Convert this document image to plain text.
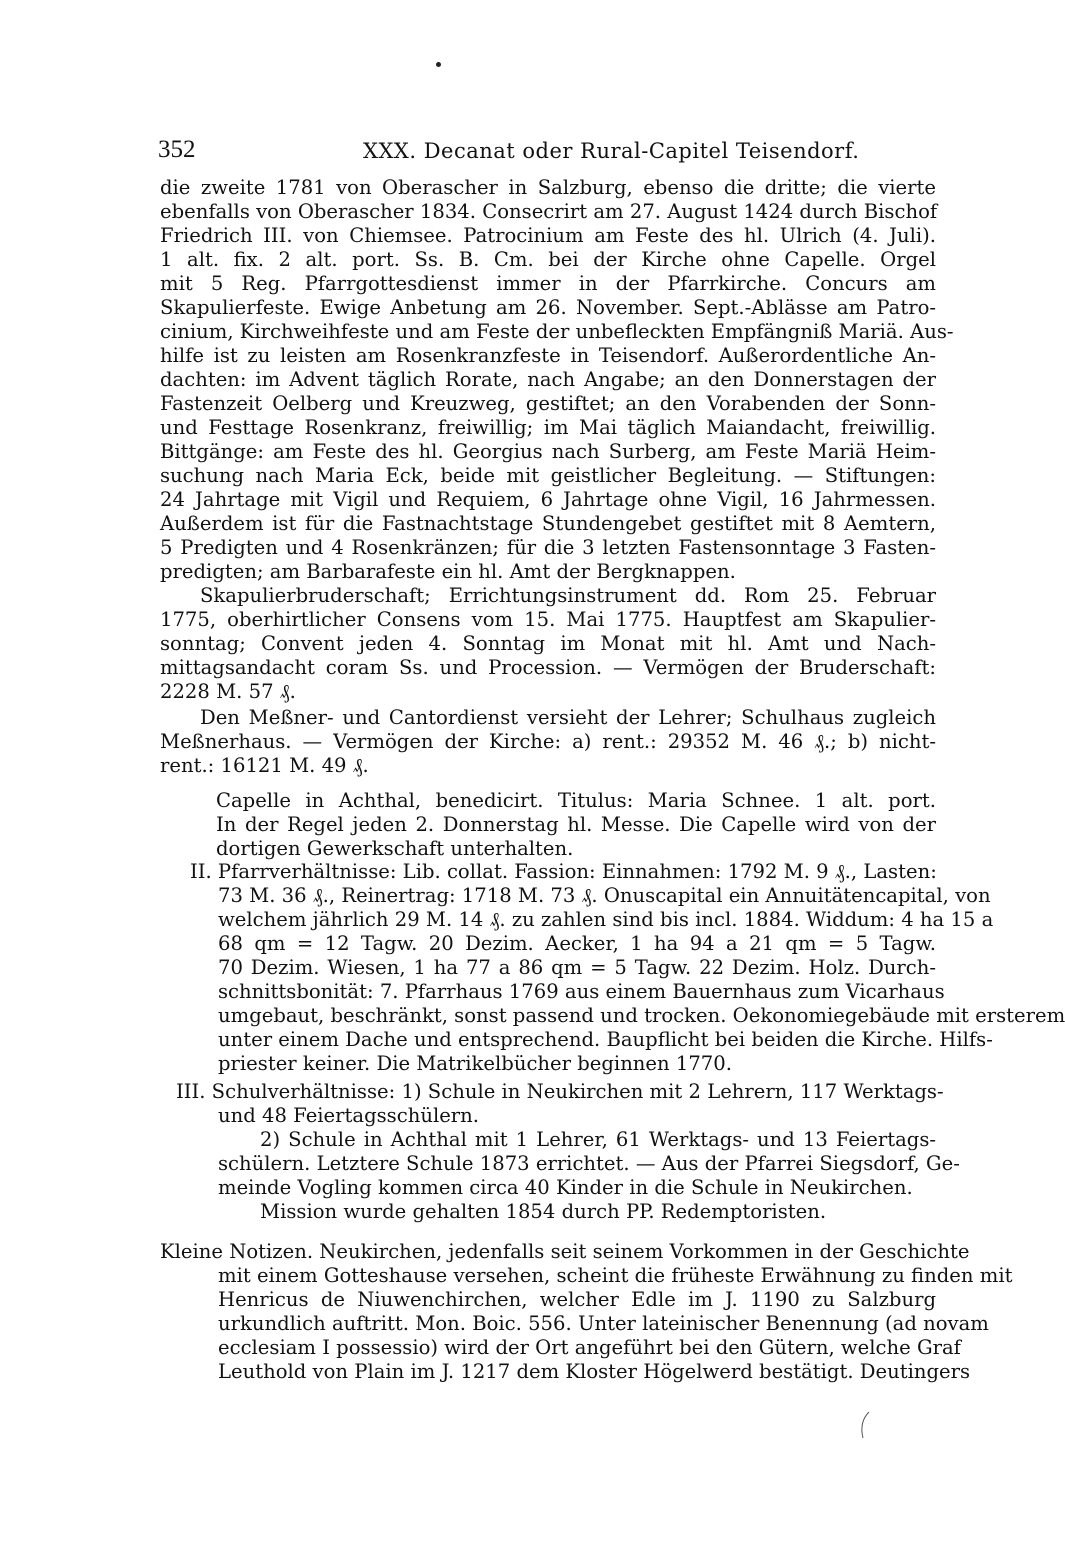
352	XXX. Decanat oder Rural-Capitel Teisendorf.
die zweite 1781 von Oberascher in Salzburg, ebenso die dritte; die vierte
ebenfalls von Oberascher 1834. Consecrirt am 27. August 1424 durch Bischof
Friedrich III. von Chiemsee. Patrocinium am Feste des hl. Ulrich (4. Juli).
1 alt. fix. 2 alt. port. Ss. B. Cm. bei der Kirche ohne Capelle. Orgel
mit 5 Reg. Pfarrgottesdienst immer in der Pfarrkirche. Concurs am
Skapulierfeste. Ewige Anbetung am 26. November. Sept.-Ablässe am Patro-
cinium, Kirchweihfeste und am Feste der unbefleckten Empfängniß Mariä. Aus-
hilfe ist zu leisten am Rosenkranzfeste in Teisendorf. Außerordentliche An-
dachten: im Advent täglich Rorate, nach Angabe; an den Donnerstagen der
Fastenzeit Oelberg und Kreuzweg, gestiftet; an den Vorabenden der Sonn-
und Festtage Rosenkranz, freiwillig; im Mai täglich Maiandacht, freiwillig.
Bittgänge: am Feste des hl. Georgius nach Surberg, am Feste Mariä Heim-
suchung nach Maria Eck, beide mit geistlicher Begleitung. — Stiftungen:
24 Jahrtage mit Vigil und Requiem, 6 Jahrtage ohne Vigil, 16 Jahrmessen.
Außerdem ist für die Fastnachtstage Stundengebet gestiftet mit 8 Aemtern,
5 Predigten und 4 Rosenkränzen; für die 3 letzten Fastensonntage 3 Fasten-
predigten; am Barbarafeste ein hl. Amt der Bergknappen.
Skapulierbruderschaft; Errichtungsinstrument dd. Rom 25. Februar
1775, oberhirtlicher Consens vom 15. Mai 1775. Hauptfest am Skapulier-
sonntag; Convent jeden 4. Sonntag im Monat mit hl. Amt und Nach-
mittagsandacht coram Ss. und Procession. — Vermögen der Bruderschaft:
2228 M. 57 ₰.
Den Meßner- und Cantordienst versieht der Lehrer; Schulhaus zugleich
Meßnerhaus. — Vermögen der Kirche: a) rent.: 29352 M. 46 ₰.; b) nicht-
rent.: 16121 M. 49 ₰.
Capelle in Achthal, benedicirt. Titulus: Maria Schnee. 1 alt. port.
In der Regel jeden 2. Donnerstag hl. Messe. Die Capelle wird von der
dortigen Gewerkschaft unterhalten.
II. Pfarrverhältnisse: Lib. collat. Fassion: Einnahmen: 1792 M. 9 ₰., Lasten:
73 M. 36 ₰., Reinertrag: 1718 M. 73 ₰. Onuscapital ein Annuitätencapital, von
welchem jährlich 29 M. 14 ₰. zu zahlen sind bis incl. 1884. Widdum: 4 ha 15 a
68 qm = 12 Tagw. 20 Dezim. Aecker, 1 ha 94 a 21 qm = 5 Tagw.
70 Dezim. Wiesen, 1 ha 77 a 86 qm = 5 Tagw. 22 Dezim. Holz. Durch-
schnittsbonität: 7. Pfarrhaus 1769 aus einem Bauernhaus zum Vicarhaus
umgebaut, beschränkt, sonst passend und trocken. Oekonomiegebäude mit ersterem
unter einem Dache und entsprechend. Baupflicht bei beiden die Kirche. Hilfs-
priester keiner. Die Matrikelbücher beginnen 1770.
III. Schulverhältnisse: 1) Schule in Neukirchen mit 2 Lehrern, 117 Werktags-
und 48 Feiertagsschülern.
2) Schule in Achthal mit 1 Lehrer, 61 Werktags- und 13 Feiertags-
schülern. Letztere Schule 1873 errichtet. — Aus der Pfarrei Siegsdorf, Ge-
meinde Vogling kommen circa 40 Kinder in die Schule in Neukirchen.
Mission wurde gehalten 1854 durch PP. Redemptoristen.
Kleine Notizen. Neukirchen, jedenfalls seit seinem Vorkommen in der Geschichte
mit einem Gotteshause versehen, scheint die früheste Erwähnung zu finden mit
Henricus de Niuwenchirchen, welcher Edle im J. 1190 zu Salzburg
urkundlich auftritt. Mon. Boic. 556. Unter lateinischer Benennung (ad novam
ecclesiam I possessio) wird der Ort angeführt bei den Gütern, welche Graf
Leuthold von Plain im J. 1217 dem Kloster Högelwerd bestätigt. Deutingers
